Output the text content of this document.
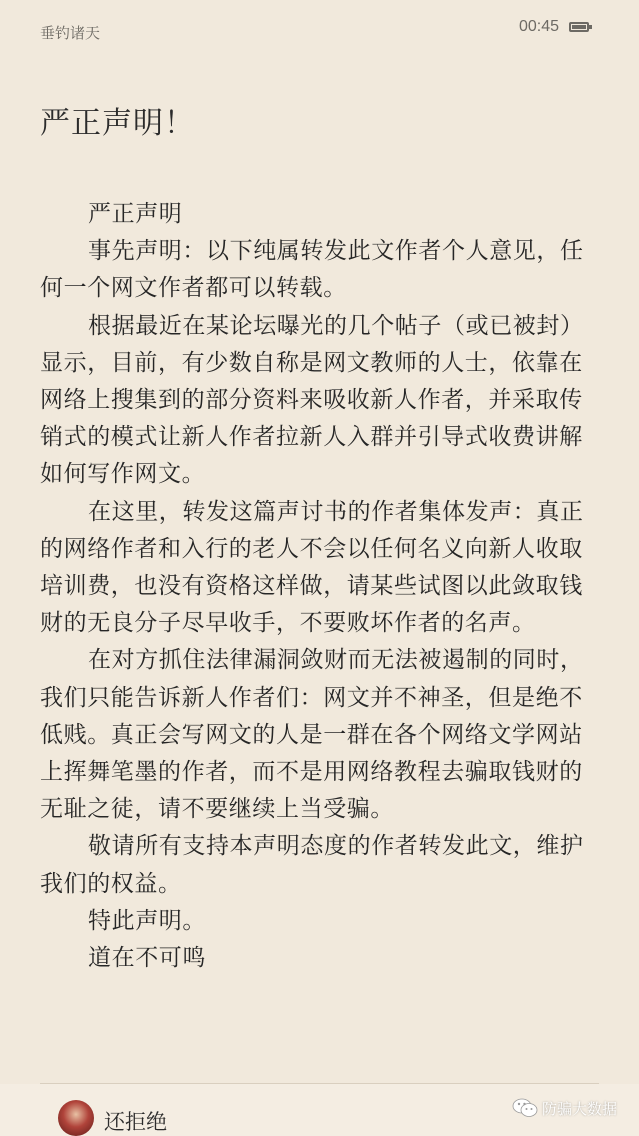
垂钓诸天	00:45
严正声明！

严正声明

事先声明：以下纯属转发此文作者个人意见，任何一个网文作者都可以转载。

根据最近在某论坛曝光的几个帖子（或已被封）显示，目前，有少数自称是网文教师的人士，依靠在网络上搜集到的部分资料来吸收新人作者，并采取传销式的模式让新人作者拉新人入群并引导式收费讲解如何写作网文。

在这里，转发这篇声讨书的作者集体发声：真正的网络作者和入行的老人不会以任何名义向新人收取培训费，也没有资格这样做，请某些试图以此敛取钱财的无良分子尽早收手，不要败坏作者的名声。

在对方抓住法律漏洞敛财而无法被遏制的同时，我们只能告诉新人作者们：网文并不神圣，但是绝不低贱。真正会写网文的人是一群在各个网络文学网站上挥舞笔墨的作者，而不是用网络教程去骗取钱财的无耻之徒，请不要继续上当受骗。

敬请所有支持本声明态度的作者转发此文，维护我们的权益。

特此声明。

道在不可鸣

还拒绝
防骗大数据
